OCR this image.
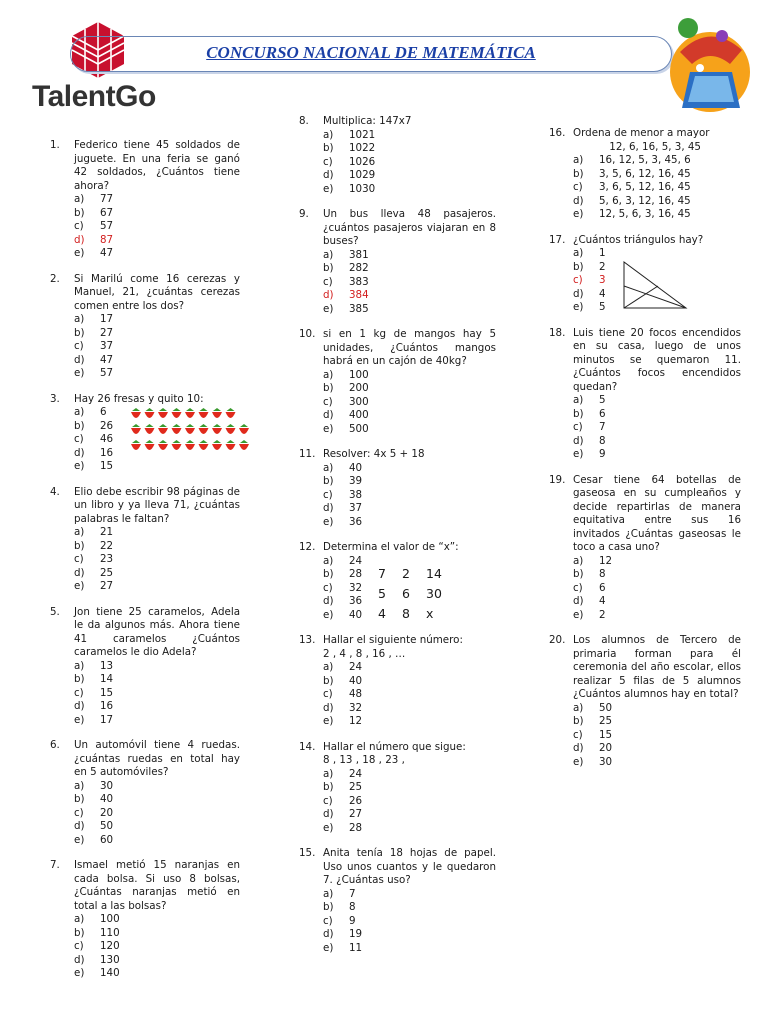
TalentGo
CONCURSO NACIONAL DE MATEMÁTICA
1.	Federico tiene 45 soldados de juguete. En una feria se ganó 42 soldados, ¿Cuántos tiene ahora?
a)	77
b)	67
c)	57
d)	87
e)	47
2.	Si Marilú come 16 cerezas y Manuel, 21, ¿cuántas cerezas comen entre los dos?
a)	17
b)	27
c)	37
d)	47
e)	57
3.	Hay 26 fresas y quito 10:
a)	6
b)	26
c)	46
d)	16
e)	15
4.	Elio debe escribir 98 páginas de un libro y ya lleva 71, ¿cuántas palabras le faltan?
a)	21
b)	22
c)	23
d)	25
e)	27
5.	Jon tiene 25 caramelos, Adela le da algunos más. Ahora tiene 41 caramelos ¿Cuántos caramelos le dio Adela?
a)	13
b)	14
c)	15
d)	16
e)	17
6.	Un automóvil tiene 4 ruedas. ¿cuántas ruedas en total hay en 5 automóviles?
a)	30
b)	40
c)	20
d)	50
e)	60
7.	Ismael metió 15 naranjas en cada bolsa. Si uso 8 bolsas, ¿Cuántas naranjas metió en total a las bolsas?
a)	100
b)	110
c)	120
d)	130
e)	140
8.	Multiplica: 147x7
a)	1021
b)	1022
c)	1026
d)	1029
e)	1030
9.	Un bus lleva 48 pasajeros. ¿cuántos pasajeros viajaran en 8 buses?
a)	381
b)	282
c)	383
d)	384
e)	385
10. si en 1 kg de mangos hay 5 unidades, ¿Cuántos mangos habrá en un cajón de 40kg?
a)	100
b)	200
c)	300
d)	400
e)	500
11. Resolver: 4x 5 + 18
a)	40
b)	39
c)	38
d)	37
e)	36
12. Determina el valor de “x”:
a)	24
b)	28
c)	32
d)	36
e)	40
13. Hallar el siguiente número:
2 , 4 , 8 , 16 , …
a)	24
b)	40
c)	48
d)	32
e)	12
14. Hallar el número que sigue:
8 , 13 , 18 , 23 ,
a)	24
b)	25
c)	26
d)	27
e)	28
15. Anita tenía 18 hojas de papel. Uso unos cuantos y le quedaron 7. ¿Cuántas uso?
a)	7
b)	8
c)	9
d)	19
e)	11
16. Ordena de menor a mayor
12, 6, 16, 5, 3, 45
a)	16, 12, 5, 3, 45, 6
b)	3, 5, 6, 12, 16, 45
c)	3, 6, 5, 12, 16, 45
d)	5, 6, 3, 12, 16, 45
e)	12, 5, 6, 3, 16, 45
17. ¿Cuántos triángulos hay?
a)	1
b)	2
c)	3
d)	4
e)	5
18. Luis tiene 20 focos encendidos en su casa, luego de unos minutos se quemaron 11. ¿Cuántos focos encendidos quedan?
a)	5
b)	6
c)	7
d)	8
e)	9
19. Cesar tiene 64 botellas de gaseosa en su cumpleaños y decide repartirlas de manera equitativa entre sus 16 invitados ¿Cuántas gaseosas le toco a casa uno?
a)	12
b)	8
c)	6
d)	4
e)	2
20. Los alumnos de Tercero de primaria forman para él ceremonia del año escolar, ellos realizar 5 filas de 5 alumnos ¿Cuántos alumnos hay en total?
a)	50
b)	25
c)	15
d)	20
e)	30
7	2	14
5	6	30
4	8	x
